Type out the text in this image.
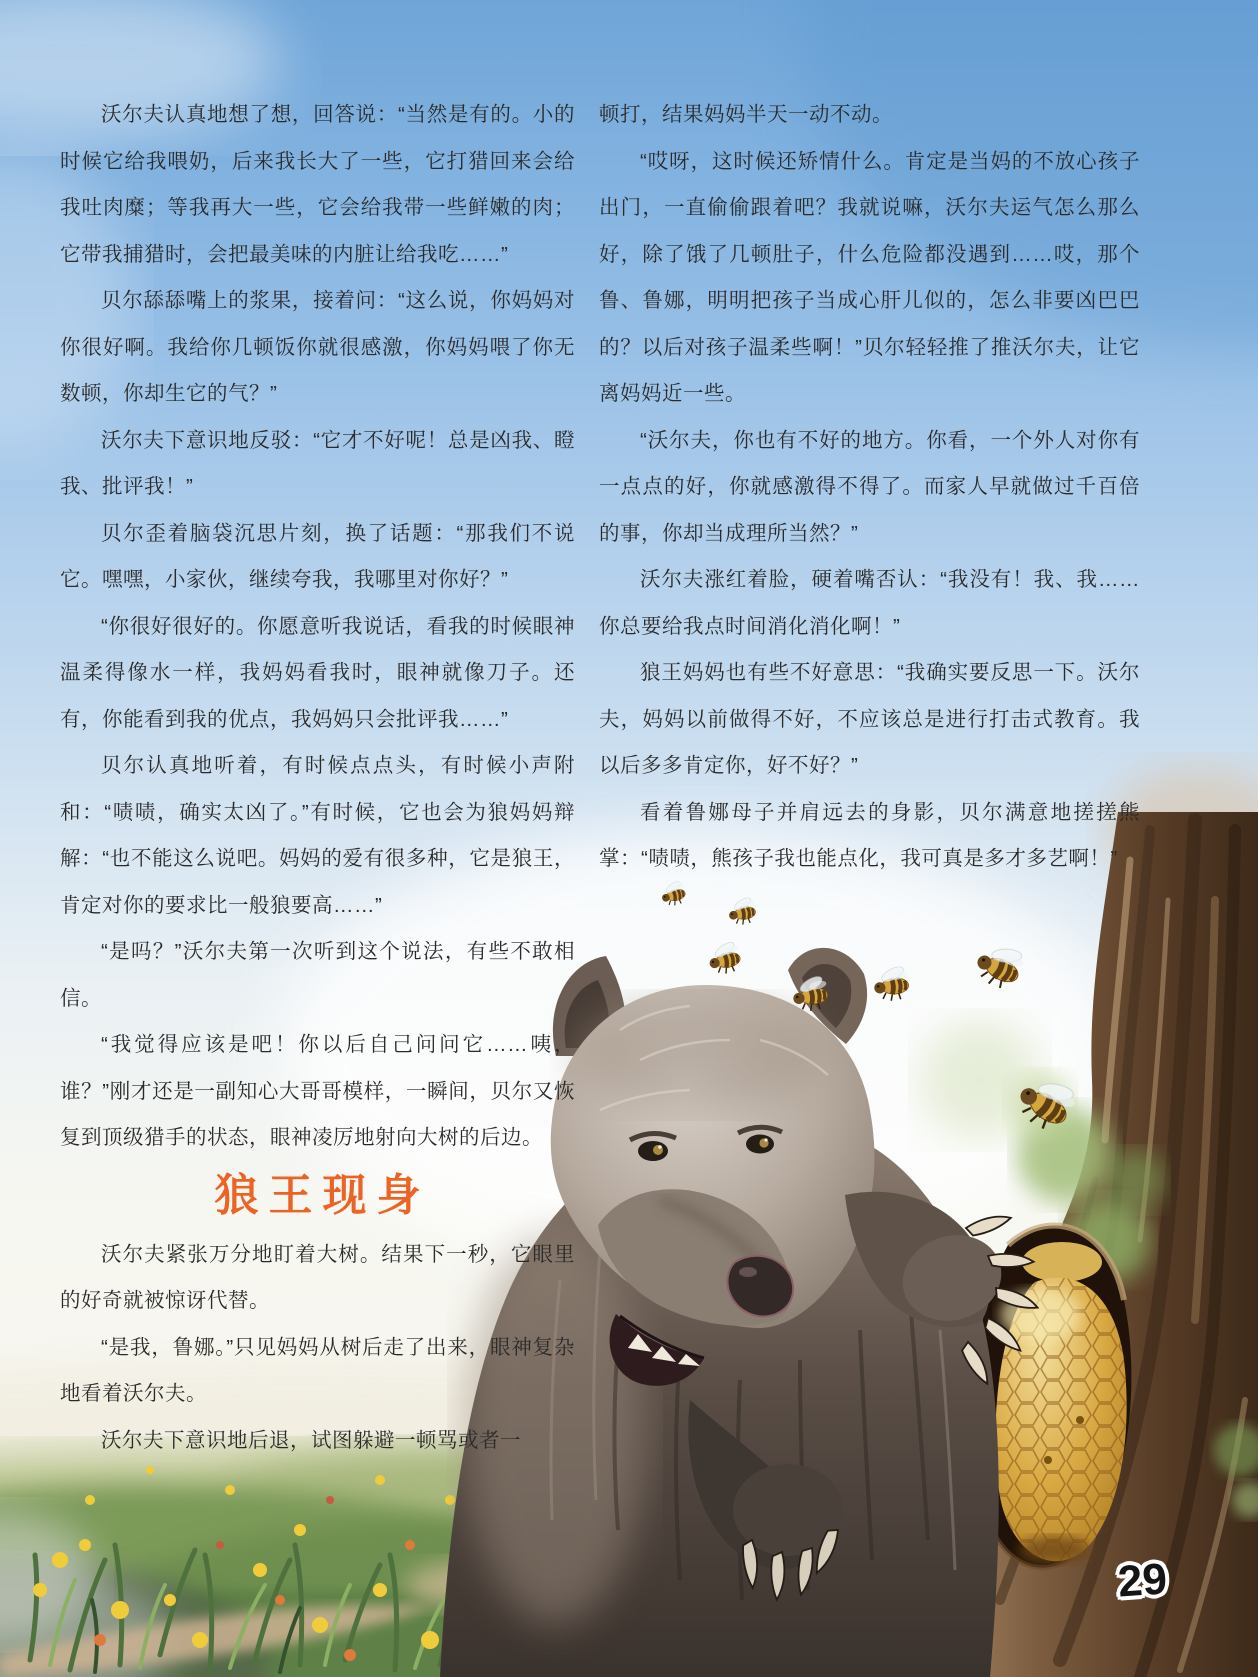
沃尔夫认真地想了想，回答说：“当然是有的。小的时候它给我喂奶，后来我长大了一些，它打猎回来会给我吐肉糜；等我再大一些，它会给我带一些鲜嫩的肉；它带我捕猎时，会把最美味的内脏让给我吃……”

贝尔舔舔嘴上的浆果，接着问：“这么说，你妈妈对你很好啊。我给你几顿饭你就很感激，你妈妈喂了你无数顿，你却生它的气？”

沃尔夫下意识地反驳：“它才不好呢！总是凶我、瞪我、批评我！”

贝尔歪着脑袋沉思片刻，换了话题：“那我们不说它。嘿嘿，小家伙，继续夸我，我哪里对你好？”

“你很好很好的。你愿意听我说话，看我的时候眼神温柔得像水一样，我妈妈看我时，眼神就像刀子。还有，你能看到我的优点，我妈妈只会批评我……”

贝尔认真地听着，有时候点点头，有时候小声附和：“啧啧，确实太凶了。”有时候，它也会为狼妈妈辩解：“也不能这么说吧。妈妈的爱有很多种，它是狼王，肯定对你的要求比一般狼要高……”

“是吗？”沃尔夫第一次听到这个说法，有些不敢相信。

“我觉得应该是吧！你以后自己问问它……咦，谁？”刚才还是一副知心大哥哥模样，一瞬间，贝尔又恢复到顶级猎手的状态，眼神凌厉地射向大树的后边。

狼王现身

沃尔夫紧张万分地盯着大树。结果下一秒，它眼里的好奇就被惊讶代替。

“是我，鲁娜。”只见妈妈从树后走了出来，眼神复杂地看着沃尔夫。

沃尔夫下意识地后退，试图躲避一顿骂或者一

顿打，结果妈妈半天一动不动。

“哎呀，这时候还矫情什么。肯定是当妈的不放心孩子出门，一直偷偷跟着吧？我就说嘛，沃尔夫运气怎么那么好，除了饿了几顿肚子，什么危险都没遇到……哎，那个鲁、鲁娜，明明把孩子当成心肝儿似的，怎么非要凶巴巴的？以后对孩子温柔些啊！”贝尔轻轻推了推沃尔夫，让它离妈妈近一些。

“沃尔夫，你也有不好的地方。你看，一个外人对你有一点点的好，你就感激得不得了。而家人早就做过千百倍的事，你却当成理所当然？”

沃尔夫涨红着脸，硬着嘴否认：“我没有！我、我……你总要给我点时间消化消化啊！”

狼王妈妈也有些不好意思：“我确实要反思一下。沃尔夫，妈妈以前做得不好，不应该总是进行打击式教育。我以后多多肯定你，好不好？”

看着鲁娜母子并肩远去的身影，贝尔满意地搓搓熊掌：“啧啧，熊孩子我也能点化，我可真是多才多艺啊！”

29
